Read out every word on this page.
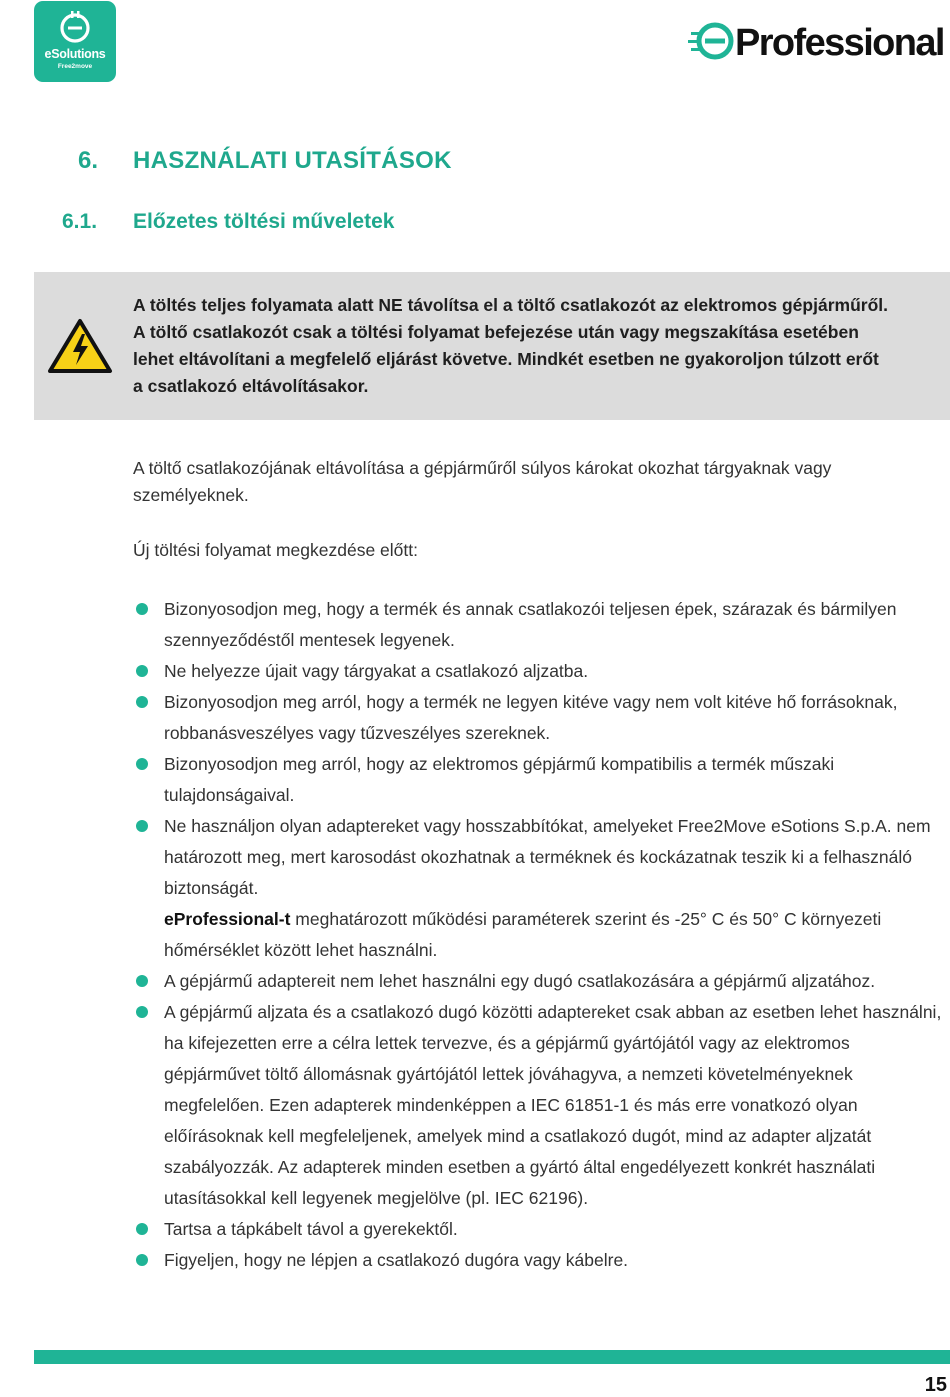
eSolutions
Free2move
Professional
6. HASZNÁLATI UTASÍTÁSOK
6.1. Előzetes töltési műveletek
A töltés teljes folyamata alatt NE távolítsa el a töltő csatlakozót az elektromos gépjárműről. A töltő csatlakozót csak a töltési folyamat befejezése után vagy megszakítása esetében lehet eltávolítani a megfelelő eljárást követve. Mindkét esetben ne gyakoroljon túlzott erőt a csatlakozó eltávolításakor.
A töltő csatlakozójának eltávolítása a gépjárműről súlyos károkat okozhat tárgyaknak vagy személyeknek.
Új töltési folyamat megkezdése előtt:
Bizonyosodjon meg, hogy a termék és annak csatlakozói teljesen épek, szárazak és bármilyen szennyeződéstől mentesek legyenek.
Ne helyezze újait vagy tárgyakat a csatlakozó aljzatba.
Bizonyosodjon meg arról, hogy a termék ne legyen kitéve vagy nem volt kitéve hő forrásoknak, robbanásveszélyes vagy tűzveszélyes szereknek.
Bizonyosodjon meg arról, hogy az elektromos gépjármű kompatibilis a termék műszaki tulajdonságaival.
Ne használjon olyan adaptereket vagy hosszabbítókat, amelyeket Free2Move eSotions S.p.A. nem határozott meg, mert karosodást okozhatnak a terméknek és kockázatnak teszik ki a felhasználó biztonságát.
eProfessional-t meghatározott működési paraméterek szerint és -25° C és 50° C környezeti hőmérséklet között lehet használni.
A gépjármű adaptereit nem lehet használni egy dugó csatlakozására a gépjármű aljzatához.
A gépjármű aljzata és a csatlakozó dugó közötti adaptereket csak abban az esetben lehet használni, ha kifejezetten erre a célra lettek tervezve, és a gépjármű gyártójától vagy az elektromos gépjárművet töltő állomásnak gyártójától lettek jóváhagyva, a nemzeti követelményeknek megfelelően. Ezen adapterek mindenképpen a IEC 61851-1 és más erre vonatkozó olyan előírásoknak kell megfeleljenek, amelyek mind a csatlakozó dugót, mind az adapter aljzatát szabályozzák. Az adapterek minden esetben a gyártó által engedélyezett konkrét használati utasításokkal kell legyenek megjelölve (pl. IEC 62196).
Tartsa a tápkábelt távol a gyerekektől.
Figyeljen, hogy ne lépjen a csatlakozó dugóra vagy kábelre.
15
